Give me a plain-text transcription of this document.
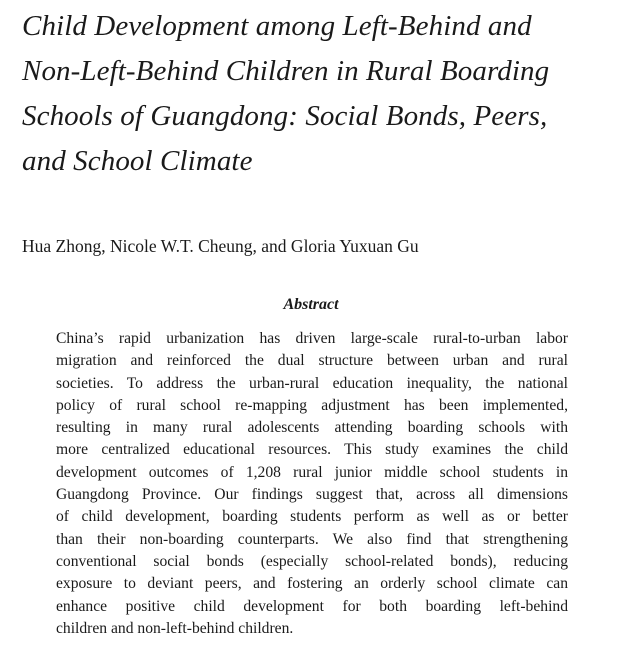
Child Development among Left-Behind and
Non-Left-Behind Children in Rural Boarding
Schools of Guangdong: Social Bonds, Peers,
and School Climate
Hua Zhong, Nicole W.T. Cheung, and Gloria Yuxuan Gu
Abstract
China’s rapid urbanization has driven large-scale rural-to-urban labor
migration and reinforced the dual structure between urban and rural
societies. To address the urban-rural education inequality, the national
policy of rural school re-mapping adjustment has been implemented,
resulting in many rural adolescents attending boarding schools with
more centralized educational resources. This study examines the child
development outcomes of 1,208 rural junior middle school students in
Guangdong Province. Our findings suggest that, across all dimensions
of child development, boarding students perform as well as or better
than their non-boarding counterparts. We also find that strengthening
conventional social bonds (especially school-related bonds), reducing
exposure to deviant peers, and fostering an orderly school climate can
enhance positive child development for both boarding left-behind
children and non-left-behind children.
